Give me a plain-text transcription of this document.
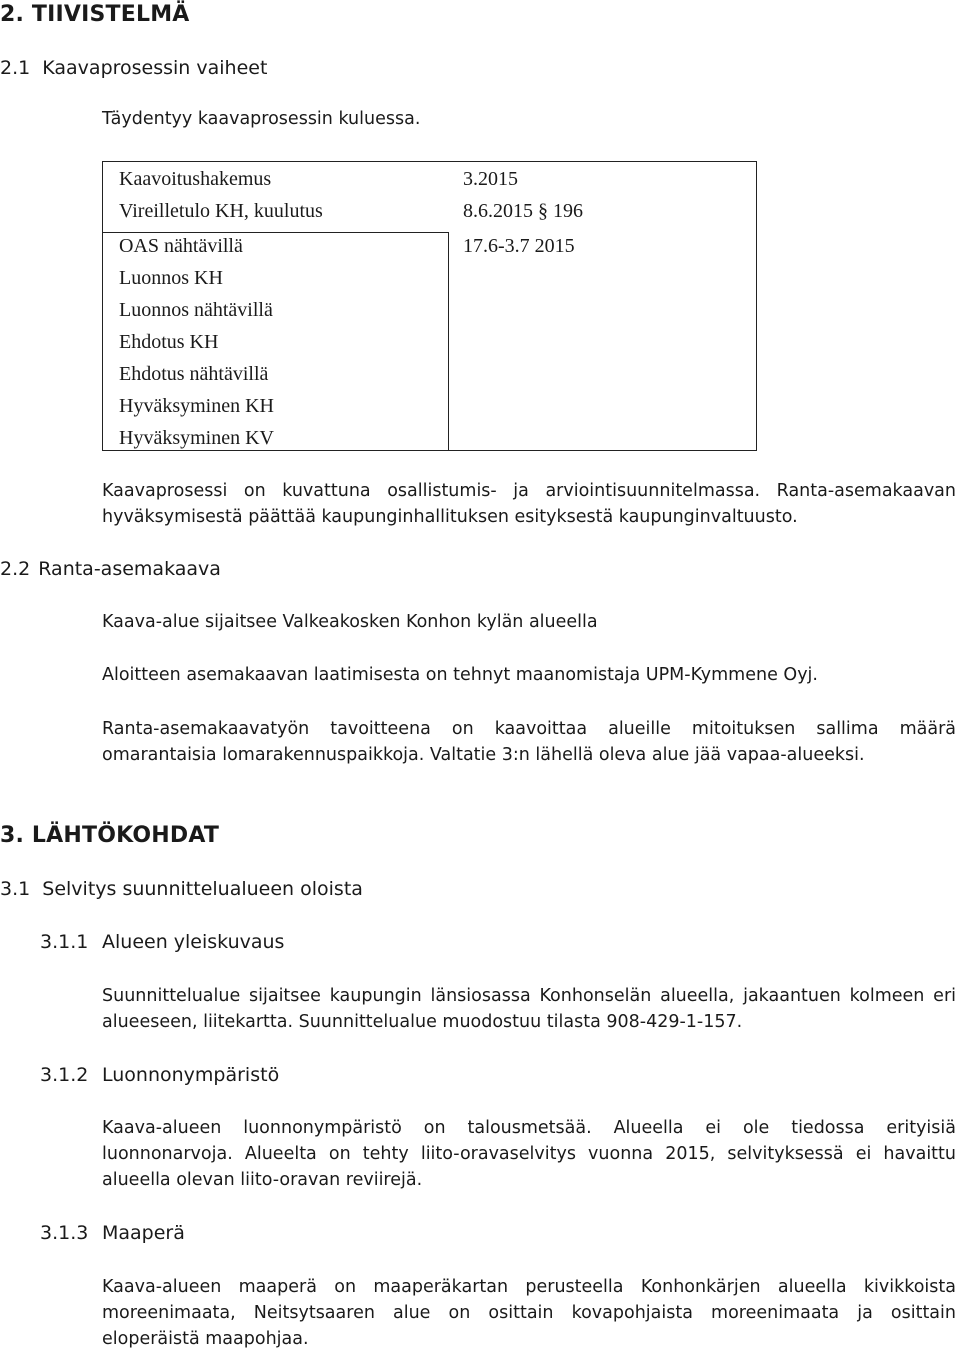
2. TIIVISTELMÄ
2.1 Kaavaprosessin vaiheet
Täydentyy kaavaprosessin kuluessa.
Kaavoitushakemus	3.2015
Vireilletulo KH, kuulutus	8.6.2015 § 196
OAS nähtävillä	17.6-3.7 2015
Luonnos KH
Luonnos nähtävillä
Ehdotus KH
Ehdotus nähtävillä
Hyväksyminen KH
Hyväksyminen KV
Kaavaprosessi on kuvattuna osallistumis- ja arviointisuunnitelmassa. Ranta-asemakaavan hyväksymisestä päättää kaupunginhallituksen esityksestä kaupunginvaltuusto.
2.2 Ranta-asemakaava
Kaava-alue sijaitsee Valkeakosken Konhon kylän alueella
Aloitteen asemakaavan laatimisesta on tehnyt maanomistaja UPM-Kymmene Oyj.
Ranta-asemakaavatyön tavoitteena on kaavoittaa alueille mitoituksen sallima määrä omarantaisia lomarakennuspaikkoja. Valtatie 3:n lähellä oleva alue jää vapaa-alueeksi.
3. LÄHTÖKOHDAT
3.1 Selvitys suunnittelualueen oloista
3.1.1 Alueen yleiskuvaus
Suunnittelualue sijaitsee kaupungin länsiosassa Konhonselän alueella, jakaantuen kolmeen eri alueeseen, liitekartta. Suunnittelualue muodostuu tilasta 908-429-1-157.
3.1.2 Luonnonympäristö
Kaava-alueen luonnonympäristö on talousmetsää. Alueella ei ole tiedossa erityisiä luonnonarvoja. Alueelta on tehty liito-oravaselvitys vuonna 2015, selvityksessä ei havaittu alueella olevan liito-oravan reviirejä.
3.1.3 Maaperä
Kaava-alueen maaperä on maaperäkartan perusteella Konhonkärjen alueella kivikkoista moreenimaata, Neitsytsaaren alue on osittain kovapohjaista moreenimaata ja osittain eloperäistä maapohjaa.
